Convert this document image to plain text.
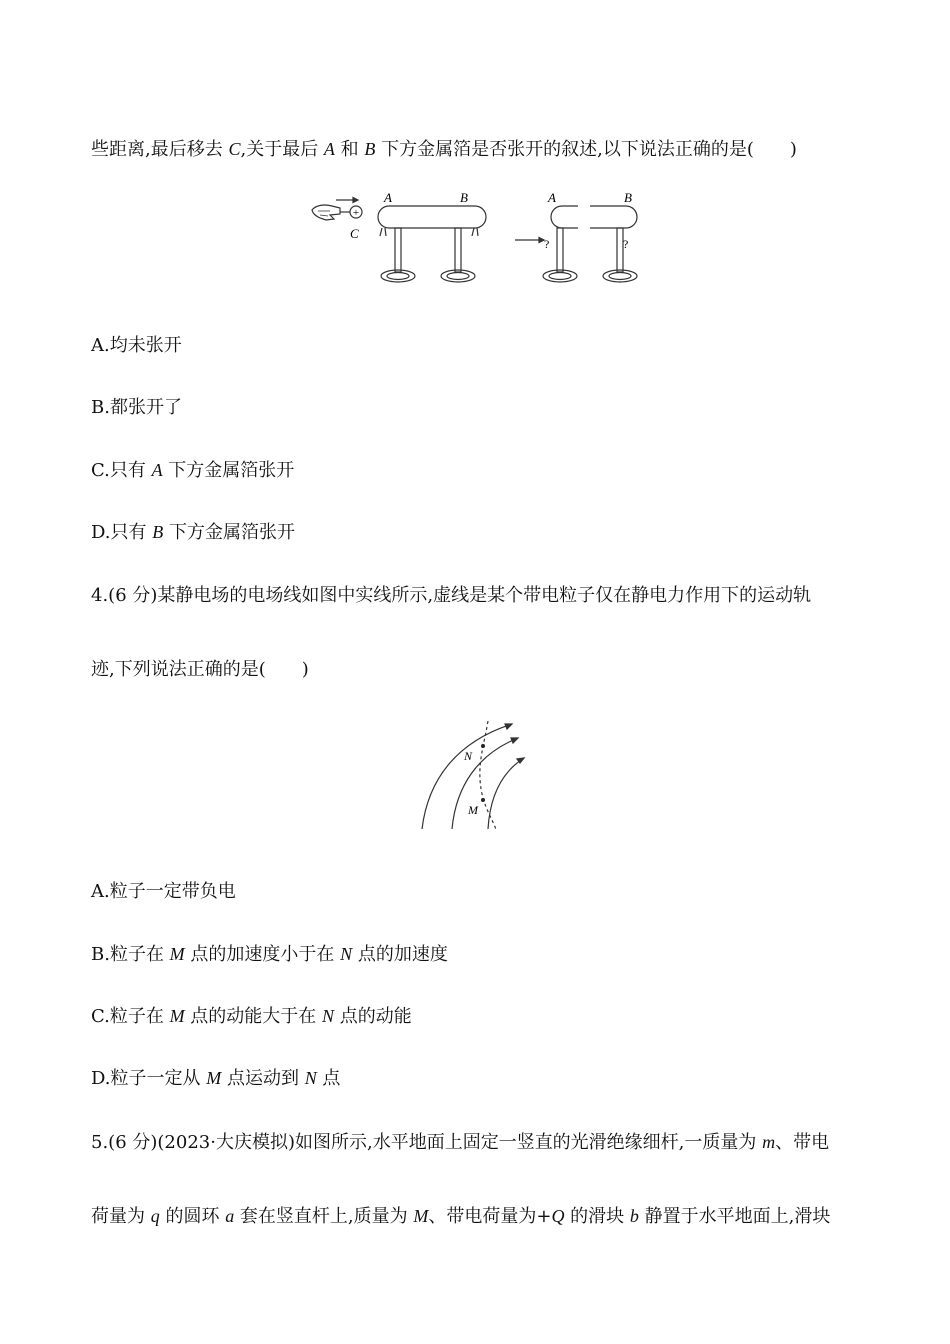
些距离,最后移去 C,关于最后 A 和 B 下方金属箔是否张开的叙述,以下说法正确的是( )
+
C
A	B	A	B
?	?
A.均未张开
B.都张开了
C.只有 A 下方金属箔张开
D.只有 B 下方金属箔张开
4.(6 分)某静电场的电场线如图中实线所示,虚线是某个带电粒子仅在静电力作用下的运动轨
迹,下列说法正确的是( )
N
M
A.粒子一定带负电
B.粒子在 M 点的加速度小于在 N 点的加速度
C.粒子在 M 点的动能大于在 N 点的动能
D.粒子一定从 M 点运动到 N 点
5.(6 分)(2023·大庆模拟)如图所示,水平地面上固定一竖直的光滑绝缘细杆,一质量为 m、带电
荷量为 q 的圆环 a 套在竖直杆上,质量为 M、带电荷量为+Q 的滑块 b 静置于水平地面上,滑块
